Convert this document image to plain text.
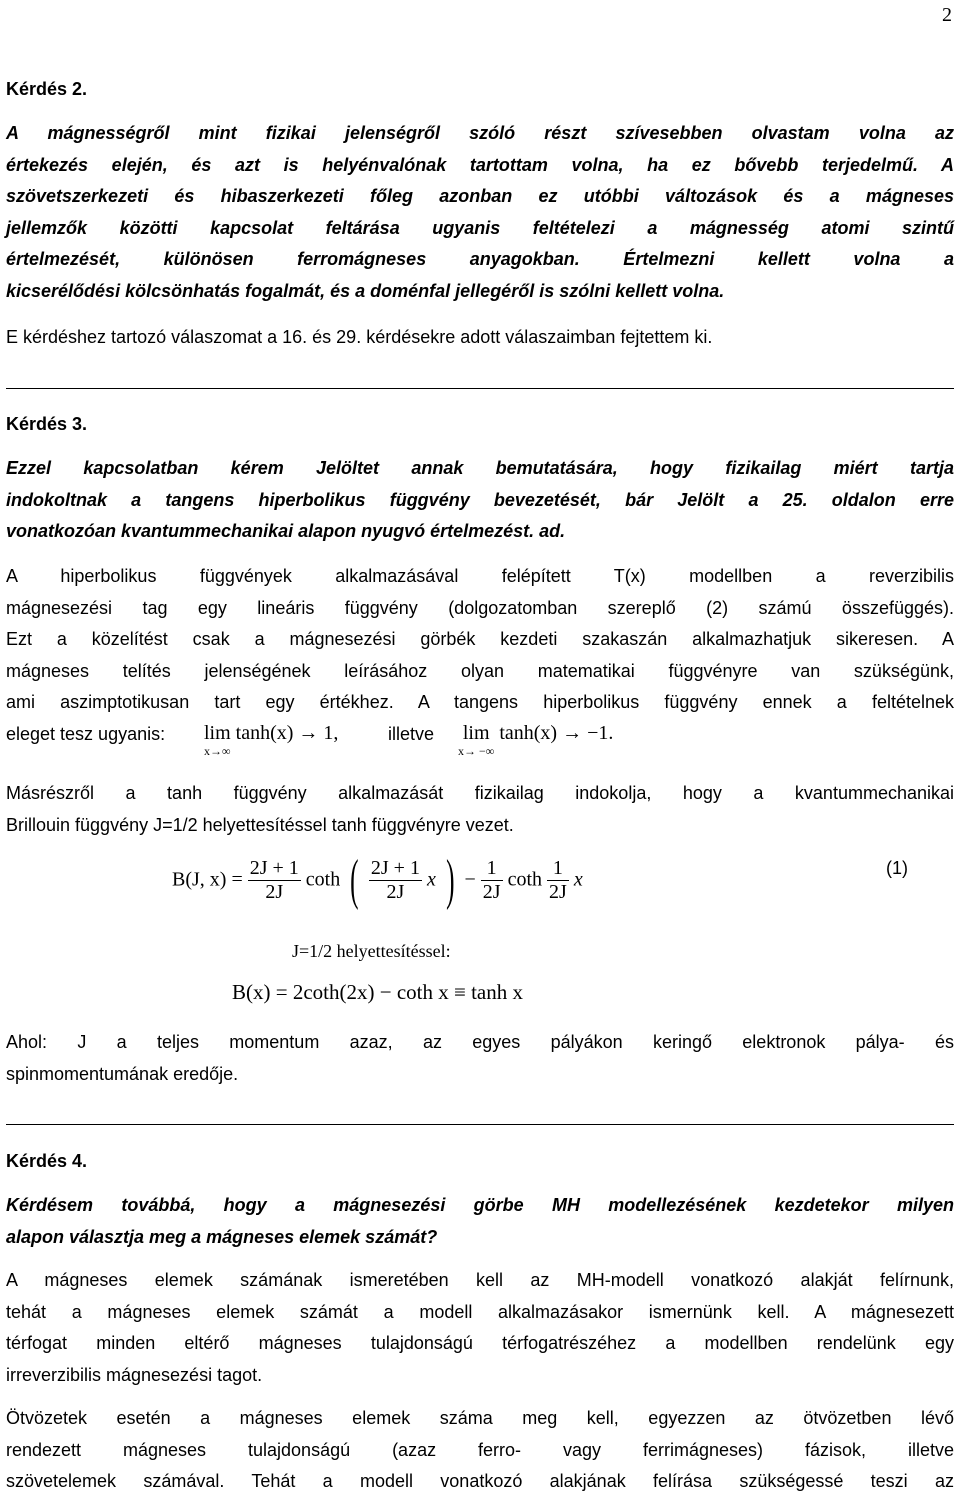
2

Kérdés 2.

A mágnességről mint fizikai jelenségről szóló részt szívesebben olvastam volna az

értekezés elején, és azt is helyénvalónak tartottam volna, ha ez bővebb terjedelmű. A

szövetszerkezeti és hibaszerkezeti főleg azonban ez utóbbi változások és a mágneses

jellemzők közötti kapcsolat feltárása ugyanis feltételezi a mágnesség atomi szintű

értelmezését, különösen ferromágneses anyagokban. Értelmezni kellett volna a

kicserélődési kölcsönhatás fogalmát, és a doménfal jellegéről is szólni kellett volna.

E kérdéshez tartozó válaszomat a 16. és 29. kérdésekre adott válaszaimban fejtettem ki.

Kérdés 3.

Ezzel kapcsolatban kérem Jelöltet annak bemutatására, hogy fizikailag miért tartja

indokoltnak a tangens hiperbolikus függvény bevezetését, bár Jelölt a 25. oldalon erre

vonatkozóan kvantummechanikai alapon nyugvó értelmezést. ad.

A hiperbolikus függvények alkalmazásával felépített T(x) modellben a reverzibilis

mágnesezési tag egy lineáris függvény (dolgozatomban szereplő (2) számú összefüggés).

Ezt a közelítést csak a mágnesezési görbék kezdeti szakaszán alkalmazhatjuk sikeresen. A

mágneses telítés jelenségének leírásához olyan matematikai függvényre van szükségünk,

ami aszimptotikusan tart egy értékhez. A tangens hiperbolikus függvény ennek a feltételnek

eleget tesz ugyanis: lim
x→∞
tanh(x) → 1,	illetve lim
x→ −∞
tanh(x) → −1.

Másrészről a tanh függvény alkalmazását fizikailag indokolja, hogy a kvantummechanikai

Brillouin függvény J=1/2 helyettesítéssel tanh függvényre vezet.

B(J, $x) = \frac{2J + 1}{2J}$ coth ( $\frac{2J + 1}{2J}$ x ) − $\frac{1}{2J}$ coth $\frac{1}{2J}$ x
(1)
J=1/2 helyettesítéssel:
B(x) = 2coth(2x) − coth x ≡ tanh x

Ahol: J a teljes momentum azaz, az egyes pályákon keringő elektronok pálya- és

spinmomentumának eredője.

Kérdés 4.

Kérdésem továbbá, hogy a mágnesezési görbe MH modellezésének kezdetekor milyen

alapon választja meg a mágneses elemek számát?

A mágneses elemek számának ismeretében kell az MH-modell vonatkozó alakját felírnunk,

tehát a mágneses elemek számát a modell alkalmazásakor ismernünk kell. A mágnesezett

térfogat minden eltérő mágneses tulajdonságú térfogatrészéhez a modellben rendelünk egy

irreverzibilis mágnesezési tagot.

Ötvözetek esetén a mágneses elemek száma meg kell, egyezzen az ötvözetben lévő

rendezett mágneses tulajdonságú (azaz ferro- vagy ferrimágneses) fázisok, illetve

szövetelemek számával. Tehát a modell vonatkozó alakjának felírása szükségessé teszi az
